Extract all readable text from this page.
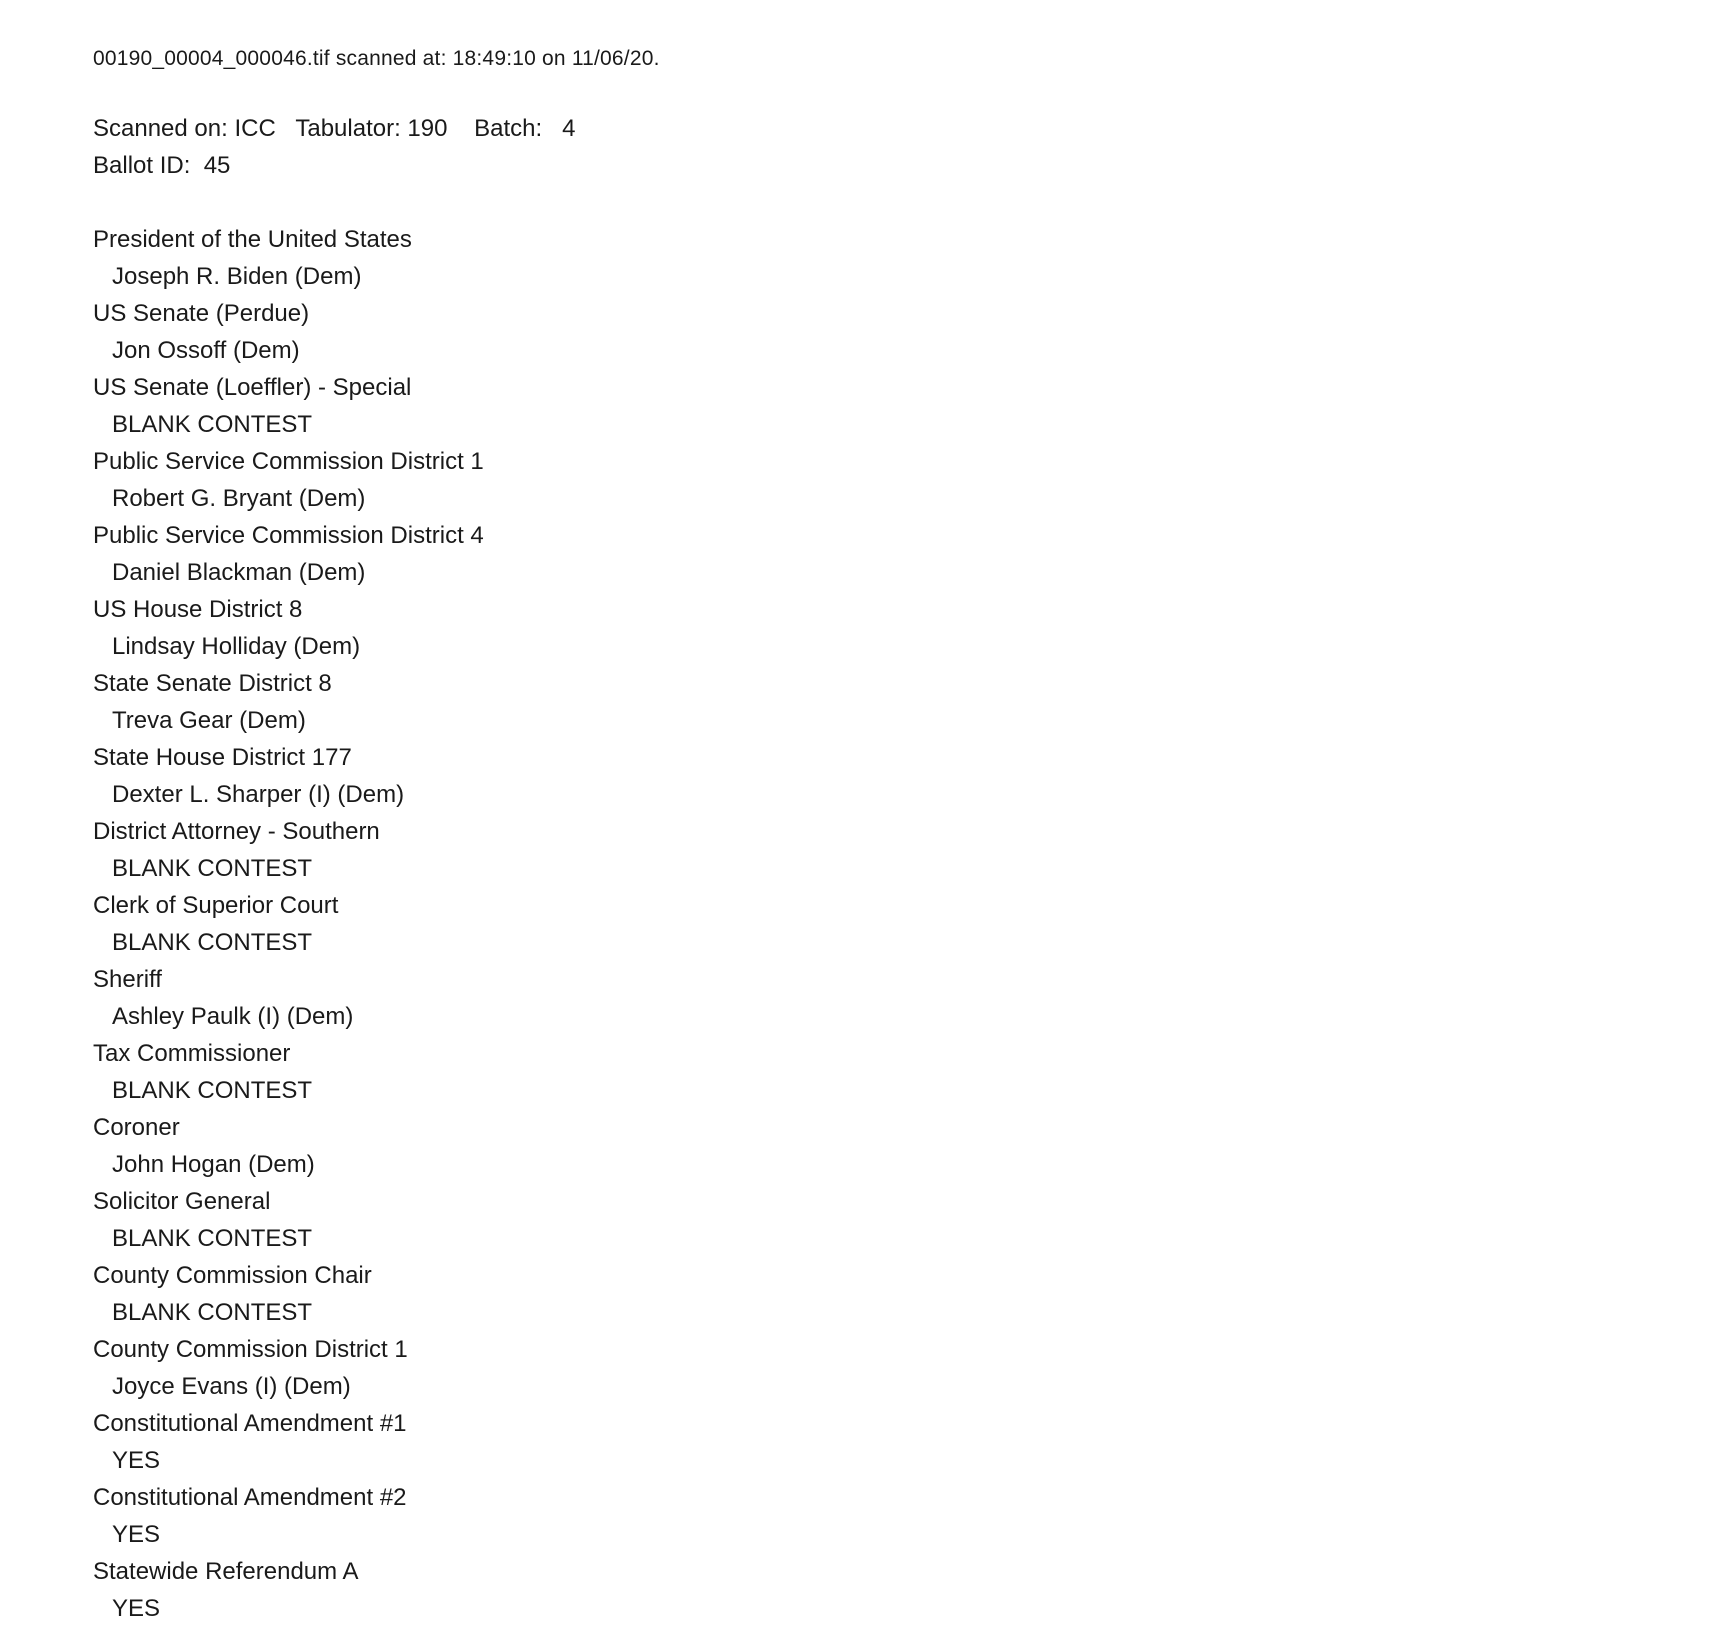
00190_00004_000046.tif scanned at: 18:49:10 on 11/06/20.
Scanned on: ICC   Tabulator: 190    Batch:   4
Ballot ID:  45
President of the United States
Joseph R. Biden (Dem)
US Senate (Perdue)
Jon Ossoff (Dem)
US Senate (Loeffler) - Special
BLANK CONTEST
Public Service Commission District 1
Robert G. Bryant (Dem)
Public Service Commission District 4
Daniel Blackman (Dem)
US House District 8
Lindsay Holliday (Dem)
State Senate District 8
Treva Gear (Dem)
State House District 177
Dexter L. Sharper (I) (Dem)
District Attorney - Southern
BLANK CONTEST
Clerk of Superior Court
BLANK CONTEST
Sheriff
Ashley Paulk (I) (Dem)
Tax Commissioner
BLANK CONTEST
Coroner
John Hogan (Dem)
Solicitor General
BLANK CONTEST
County Commission Chair
BLANK CONTEST
County Commission District 1
Joyce Evans (I) (Dem)
Constitutional Amendment #1
YES
Constitutional Amendment #2
YES
Statewide Referendum A
YES
